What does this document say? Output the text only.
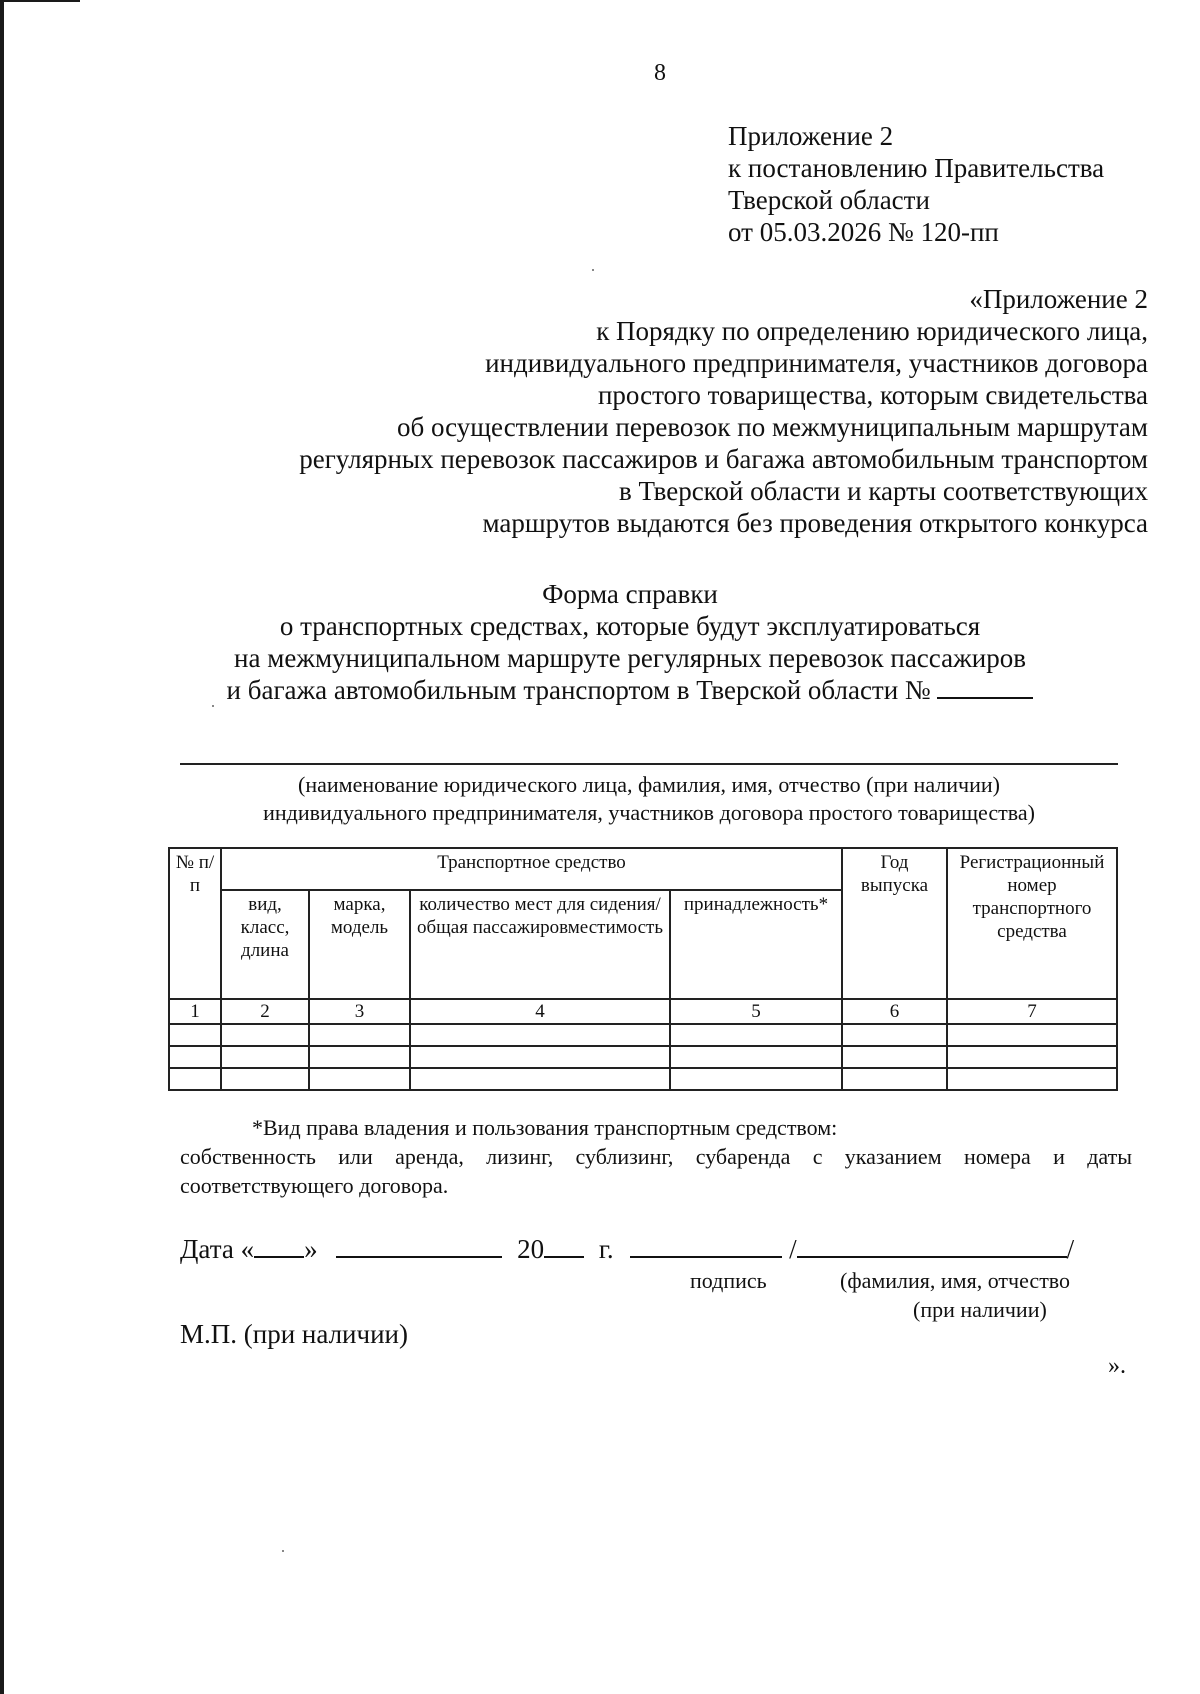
8
Приложение 2
к постановлению Правительства
Тверской области
от 05.03.2026 № 120-пп
«Приложение 2
к Порядку по определению юридического лица,
индивидуального предпринимателя, участников договора
простого товарищества, которым свидетельства
об осуществлении перевозок по межмуниципальным маршрутам
регулярных перевозок пассажиров и багажа автомобильным транспортом
в Тверской области и карты соответствующих
маршрутов выдаются без проведения открытого конкурса
Форма справки
о транспортных средствах, которые будут эксплуатироваться
на межмуниципальном маршруте регулярных перевозок пассажиров
и багажа автомобильным транспортом в Тверской области №
(наименование юридического лица, фамилия, имя, отчество (при наличии)
индивидуального предпринимателя, участников договора простого товарищества)
№ п/п	Транспортное средство				Год выпуска	Регистрационный номер транспортного средства
	вид, класс, длина	марка, модель	количество мест для сидения/общая пассажировместимость	принадлежность*		
1	2	3	4	5	6	7

*Вид права владения и пользования транспортным средством:
собственность или аренда, лизинг, сублизинг, субаренда с указанием номера и даты соответствующего договора.
Дата « »	20 г.	/	/
подпись	(фамилия, имя, отчество
(при наличии)
М.П. (при наличии)
».
